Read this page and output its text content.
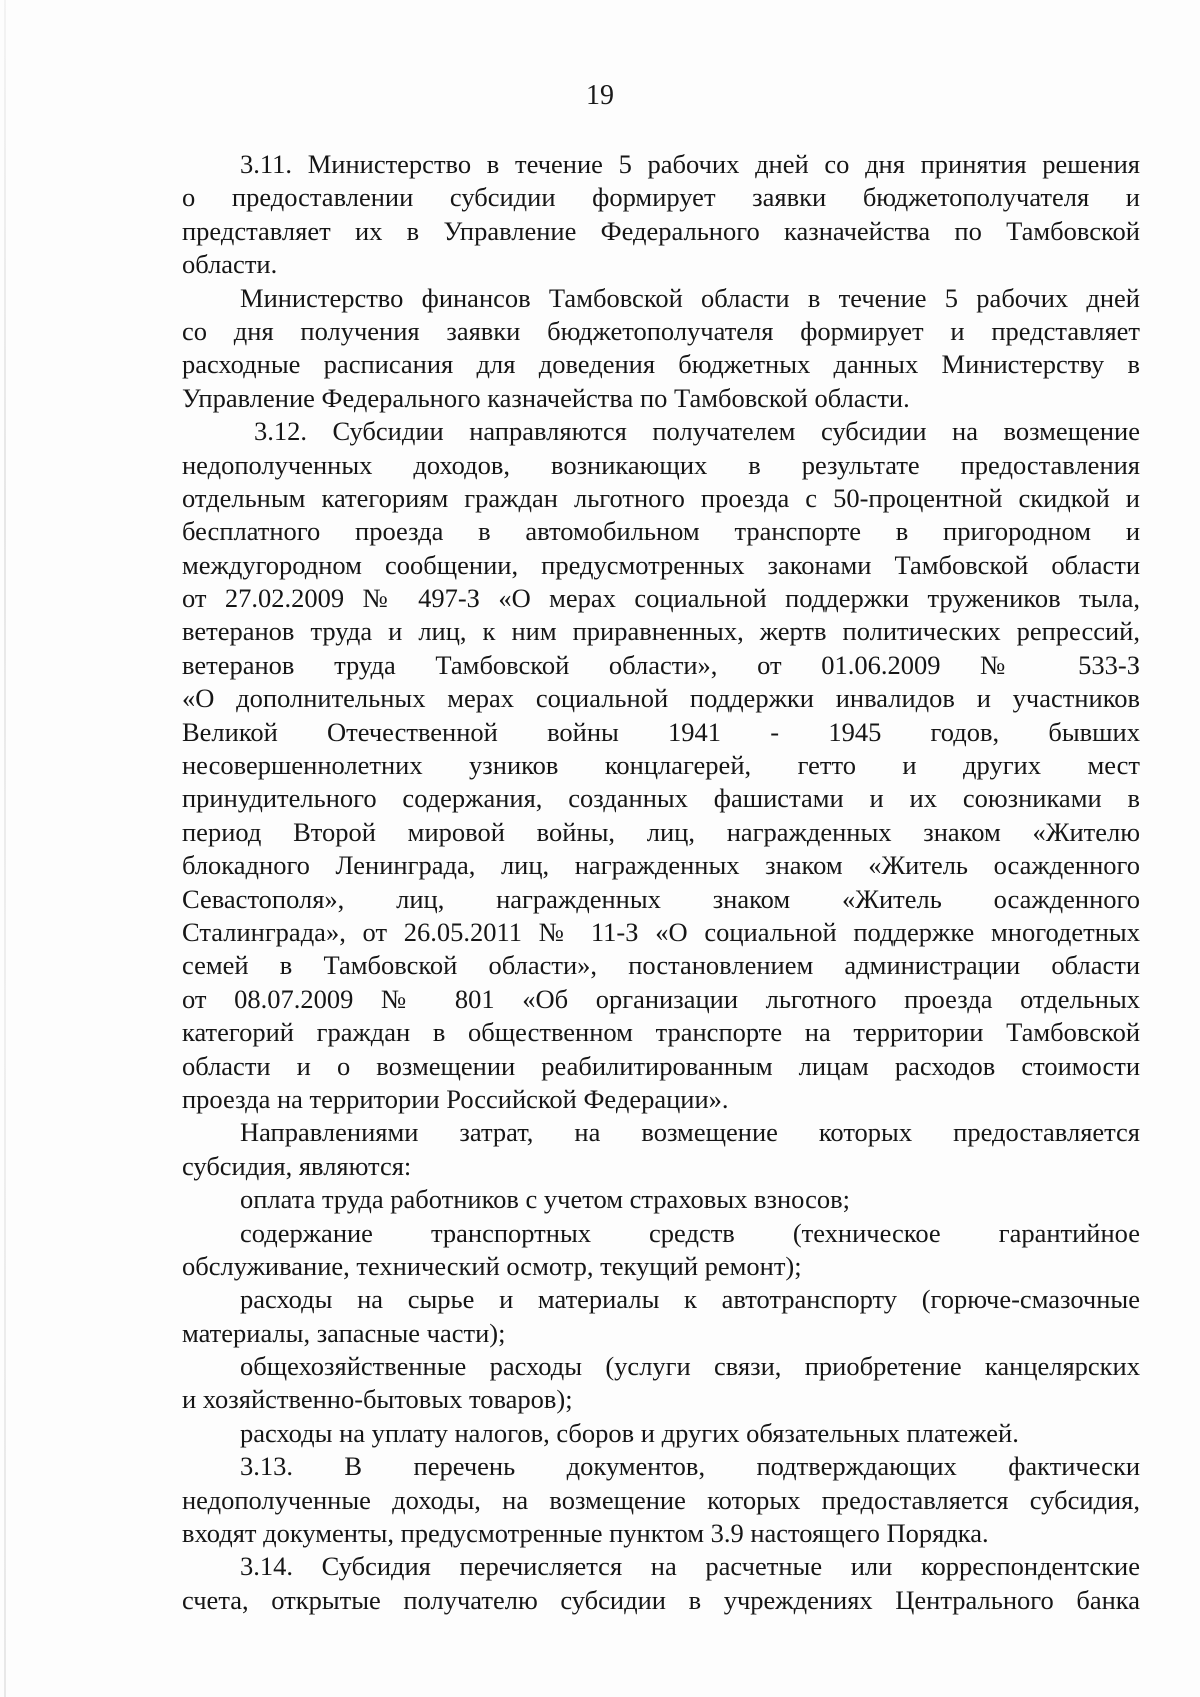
19
3.11. Министерство в течение 5 рабочих дней со дня принятия решения
о предоставлении субсидии формирует заявки бюджетополучателя и
представляет их в Управление Федерального казначейства по Тамбовской
области.
Министерство финансов Тамбовской области в течение 5 рабочих дней
со дня получения заявки бюджетополучателя формирует и представляет
расходные расписания для доведения бюджетных данных Министерству в
Управление Федерального казначейства по Тамбовской области.
3.12. Субсидии направляются получателем субсидии на возмещение
недополученных доходов, возникающих в результате предоставления
отдельным категориям граждан льготного проезда с 50-процентной скидкой и
бесплатного проезда в автомобильном транспорте в пригородном и
междугородном сообщении, предусмотренных законами Тамбовской области
от 27.02.2009 № 497-З «О мерах социальной поддержки тружеников тыла,
ветеранов труда и лиц, к ним приравненных, жертв политических репрессий,
ветеранов труда Тамбовской области», от 01.06.2009 № 533-З
«О дополнительных мерах социальной поддержки инвалидов и участников
Великой Отечественной войны 1941 - 1945 годов, бывших
несовершеннолетних узников концлагерей, гетто и других мест
принудительного содержания, созданных фашистами и их союзниками в
период Второй мировой войны, лиц, награжденных знаком «Жителю
блокадного Ленинграда, лиц, награжденных знаком «Житель осажденного
Севастополя», лиц, награжденных знаком «Житель осажденного
Сталинграда», от 26.05.2011 № 11-З «О социальной поддержке многодетных
семей в Тамбовской области», постановлением администрации области
от 08.07.2009 № 801 «Об организации льготного проезда отдельных
категорий граждан в общественном транспорте на территории Тамбовской
области и о возмещении реабилитированным лицам расходов стоимости
проезда на территории Российской Федерации».
Направлениями затрат, на возмещение которых предоставляется
субсидия, являются:
оплата труда работников с учетом страховых взносов;
содержание транспортных средств (техническое гарантийное
обслуживание, технический осмотр, текущий ремонт);
расходы на сырье и материалы к автотранспорту (горюче-смазочные
материалы, запасные части);
общехозяйственные расходы (услуги связи, приобретение канцелярских
и хозяйственно-бытовых товаров);
расходы на уплату налогов, сборов и других обязательных платежей.
3.13. В перечень документов, подтверждающих фактически
недополученные доходы, на возмещение которых предоставляется субсидия,
входят документы, предусмотренные пунктом 3.9 настоящего Порядка.
3.14. Субсидия перечисляется на расчетные или корреспондентские
счета, открытые получателю субсидии в учреждениях Центрального банка
